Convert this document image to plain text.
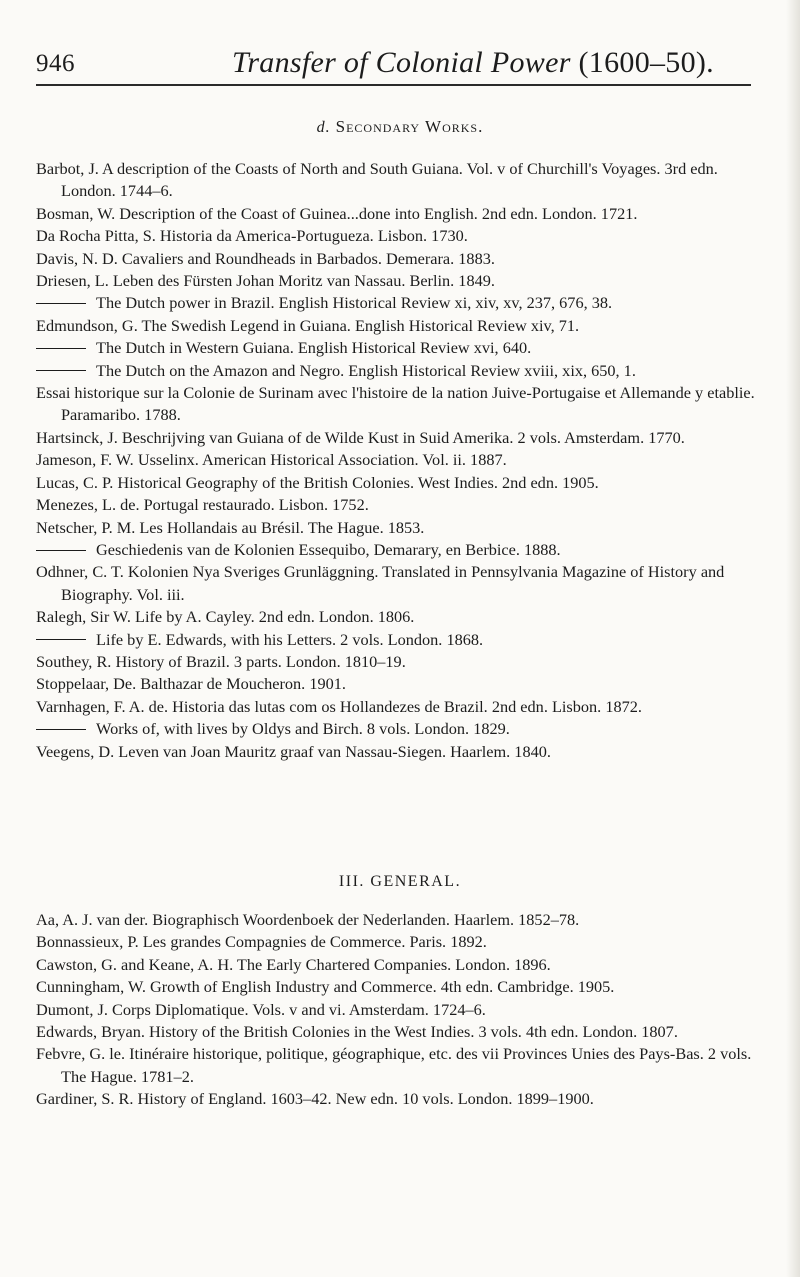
946	Transfer of Colonial Power (1600–50).
d. Secondary Works.
Barbot, J. A description of the Coasts of North and South Guiana. Vol. v of Churchill's Voyages. 3rd edn. London. 1744–6.
Bosman, W. Description of the Coast of Guinea...done into English. 2nd edn. London. 1721.
Da Rocha Pitta, S. Historia da America-Portugueza. Lisbon. 1730.
Davis, N. D. Cavaliers and Roundheads in Barbados. Demerara. 1883.
Driesen, L. Leben des Fürsten Johan Moritz van Nassau. Berlin. 1849.
The Dutch power in Brazil. English Historical Review xi, xiv, xv, 237, 676, 38.
Edmundson, G. The Swedish Legend in Guiana. English Historical Review xiv, 71.
The Dutch in Western Guiana. English Historical Review xvi, 640.
The Dutch on the Amazon and Negro. English Historical Review xviii, xix, 650, 1.
Essai historique sur la Colonie de Surinam avec l'histoire de la nation Juive-Portugaise et Allemande y etablie. Paramaribo. 1788.
Hartsinck, J. Beschrijving van Guiana of de Wilde Kust in Suid Amerika. 2 vols. Amsterdam. 1770.
Jameson, F. W. Usselinx. American Historical Association. Vol. ii. 1887.
Lucas, C. P. Historical Geography of the British Colonies. West Indies. 2nd edn. 1905.
Menezes, L. de. Portugal restaurado. Lisbon. 1752.
Netscher, P. M. Les Hollandais au Brésil. The Hague. 1853.
Geschiedenis van de Kolonien Essequibo, Demarary, en Berbice. 1888.
Odhner, C. T. Kolonien Nya Sveriges Grunläggning. Translated in Pennsylvania Magazine of History and Biography. Vol. iii.
Ralegh, Sir W. Life by A. Cayley. 2nd edn. London. 1806.
Life by E. Edwards, with his Letters. 2 vols. London. 1868.
Southey, R. History of Brazil. 3 parts. London. 1810–19.
Stoppelaar, De. Balthazar de Moucheron. 1901.
Varnhagen, F. A. de. Historia das lutas com os Hollandezes de Brazil. 2nd edn. Lisbon. 1872.
Works of, with lives by Oldys and Birch. 8 vols. London. 1829.
Veegens, D. Leven van Joan Mauritz graaf van Nassau-Siegen. Haarlem. 1840.
III. GENERAL.
Aa, A. J. van der. Biographisch Woordenboek der Nederlanden. Haarlem. 1852–78.
Bonnassieux, P. Les grandes Compagnies de Commerce. Paris. 1892.
Cawston, G. and Keane, A. H. The Early Chartered Companies. London. 1896.
Cunningham, W. Growth of English Industry and Commerce. 4th edn. Cambridge. 1905.
Dumont, J. Corps Diplomatique. Vols. v and vi. Amsterdam. 1724–6.
Edwards, Bryan. History of the British Colonies in the West Indies. 3 vols. 4th edn. London. 1807.
Febvre, G. le. Itinéraire historique, politique, géographique, etc. des vii Provinces Unies des Pays-Bas. 2 vols. The Hague. 1781–2.
Gardiner, S. R. History of England. 1603–42. New edn. 10 vols. London. 1899–1900.
